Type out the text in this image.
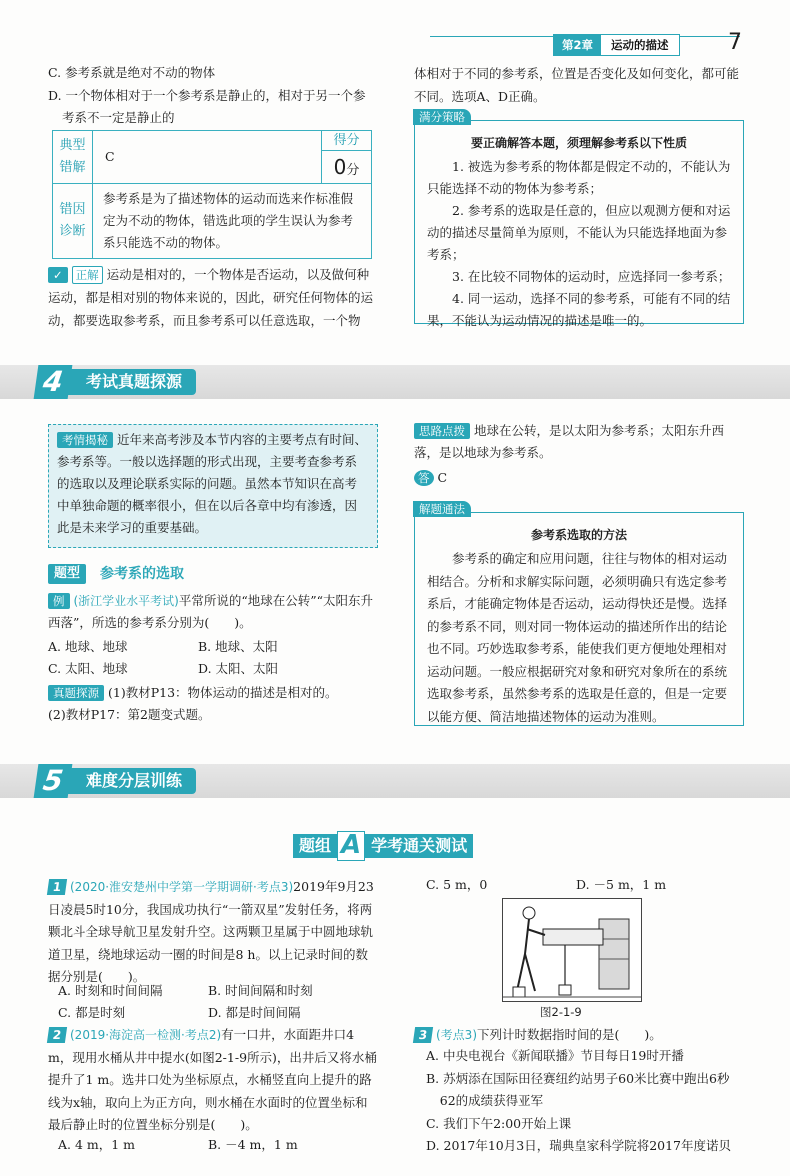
第2章	运动的描述	7
C. 参考系就是绝对不动的物体
D. 一个物体相对于一个参考系是静止的，相对于另一个参
考系不一定是静止的
典型错解	C	得分
0分

错因诊断	参考系是为了描述物体的运动而选来作标准假定为不动的物体，错选此项的学生误认为参考系只能选不动的物体。	
✓ 正解 运动是相对的，一个物体是否运动，以及做何种运动，都是相对别的物体来说的，因此，研究任何物体的运动，都要选取参考系，而且参考系可以任意选取，一个物
体相对于不同的参考系，位置是否变化及如何变化，都可能不同。选项A、D正确。
满分策略
要正确解答本题，须理解参考系以下性质
1. 被选为参考系的物体都是假定不动的，不能认为只能选择不动的物体为参考系；
2. 参考系的选取是任意的，但应以观测方便和对运动的描述尽量简单为原则，不能认为只能选择地面为参考系；
3. 在比较不同物体的运动时，应选择同一参考系；
4. 同一运动，选择不同的参考系，可能有不同的结果，不能认为运动情况的描述是唯一的。
4	考试真题探源
考情揭秘 近年来高考涉及本节内容的主要考点有时间、参考系等。一般以选择题的形式出现，主要考查参考系的选取以及理论联系实际的问题。虽然本节知识在高考中单独命题的概率很小，但在以后各章中均有渗透，因此是未来学习的重要基础。
题型	参考系的选取
例 (浙江学业水平考试)平常所说的“地球在公转”“太阳东升西落”，所选的参考系分别为(　　)。
A. 地球、地球	B. 地球、太阳
C. 太阳、地球	D. 太阳、太阳
真题探源 (1)教材P13：物体运动的描述是相对的。
(2)教材P17：第2题变式题。
思路点拨 地球在公转，是以太阳为参考系；太阳东升西落，是以地球为参考系。
答 C
解题通法
参考系选取的方法
参考系的确定和应用问题，往往与物体的相对运动相结合。分析和求解实际问题，必须明确只有选定参考系后，才能确定物体是否运动，运动得快还是慢。选择的参考系不同，则对同一物体运动的描述所作出的结论也不同。巧妙选取参考系，能使我们更方便地处理相对运动问题。一般应根据研究对象和研究对象所在的系统选取参考系，虽然参考系的选取是任意的，但是一定要以能方便、简洁地描述物体的运动为准则。
5	难度分层训练
题组 A 学考通关测试
1 (2020·淮安楚州中学第一学期调研·考点3)2019年9月23日凌晨5时10分，我国成功执行“一箭双星”发射任务，将两颗北斗全球导航卫星发射升空。这两颗卫星属于中圆地球轨道卫星，绕地球运动一圈的时间是8 h。以上记录时间的数据分别是(　　)。
A. 时刻和时间间隔	B. 时间间隔和时刻
C. 都是时刻	D. 都是时间间隔
2 (2019·海淀高一检测·考点2)有一口井，水面距井口4 m，现用水桶从井中提水(如图2-1-9所示)，出井后又将水桶提升了1 m。选井口处为坐标原点，水桶竖直向上提升的路线为x轴，取向上为正方向，则水桶在水面时的位置坐标和最后静止时的位置坐标分别是(　　)。
A. 4 m，1 m	B. －4 m，1 m
C. 5 m，0	D. －5 m，1 m
图2-1-9
3 (考点3)下列计时数据指时间的是(　　)。
A. 中央电视台《新闻联播》节目每日19时开播
B. 苏炳添在国际田径赛纽约站男子60米比赛中跑出6秒62的成绩获得亚军
C. 我们下午2:00开始上课
D. 2017年10月3日，瑞典皇家科学院将2017年度诺贝
